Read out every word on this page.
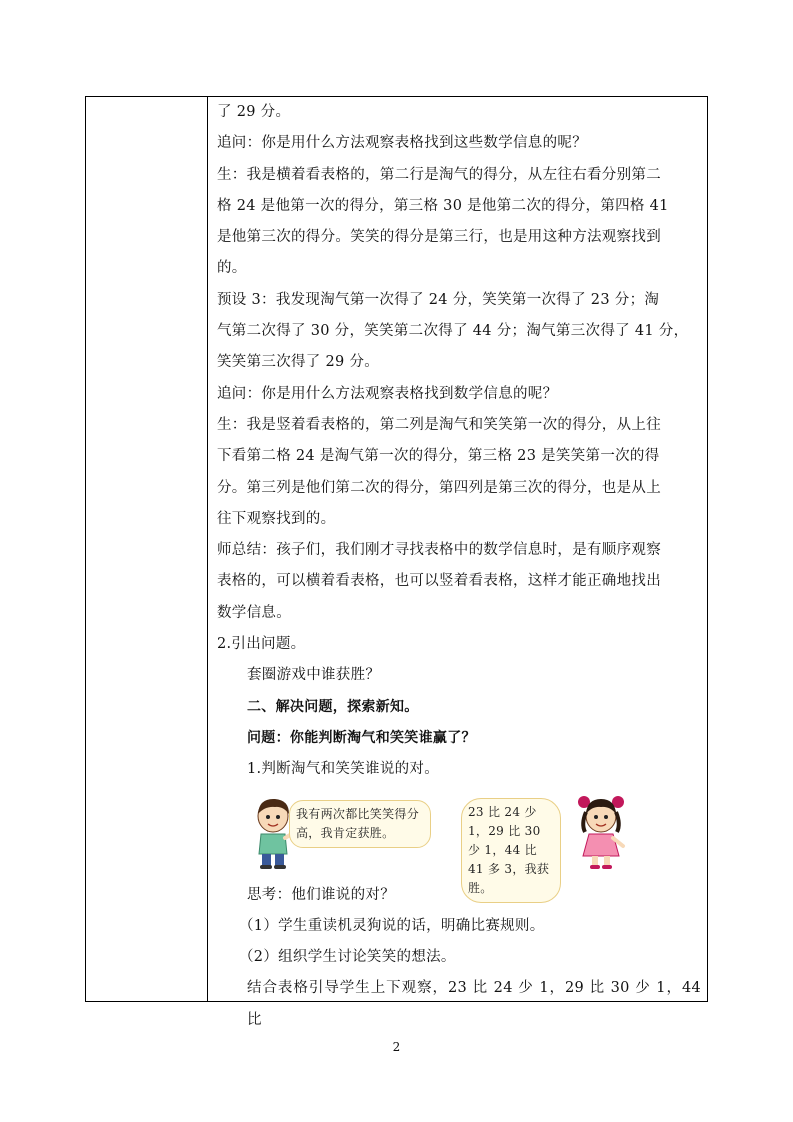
了 29 分。

追问：你是用什么方法观察表格找到这些数学信息的呢？

生：我是横着看表格的，第二行是淘气的得分，从左往右看分别第二

格 24 是他第一次的得分，第三格 30 是他第二次的得分，第四格 41

是他第三次的得分。笑笑的得分是第三行，也是用这种方法观察找到

的。

预设 3：我发现淘气第一次得了 24 分，笑笑第一次得了 23 分；淘

气第二次得了 30 分，笑笑第二次得了 44 分；淘气第三次得了 41 分，

笑笑第三次得了 29 分。

追问：你是用什么方法观察表格找到数学信息的呢？

生：我是竖着看表格的，第二列是淘气和笑笑第一次的得分，从上往

下看第二格 24 是淘气第一次的得分，第三格 23 是笑笑第一次的得

分。第三列是他们第二次的得分，第四列是第三次的得分，也是从上

往下观察找到的。

师总结：孩子们，我们刚才寻找表格中的数学信息时，是有顺序观察

表格的，可以横着看表格，也可以竖着看表格，这样才能正确地找出

数学信息。

2.引出问题。

套圈游戏中谁获胜？

二、解决问题，探索新知。

问题：你能判断淘气和笑笑谁赢了？

1.判断淘气和笑笑谁说的对。

我有两次都比笑笑得分高，我肯定获胜。
23 比 24 少 1，29 比 30 少 1，44 比 41 多 3，我获胜。

思考：他们谁说的对？

（1）学生重读机灵狗说的话，明确比赛规则。

（2）组织学生讨论笑笑的想法。

结合表格引导学生上下观察，23 比 24 少 1，29 比 30 少 1，44 比

2
